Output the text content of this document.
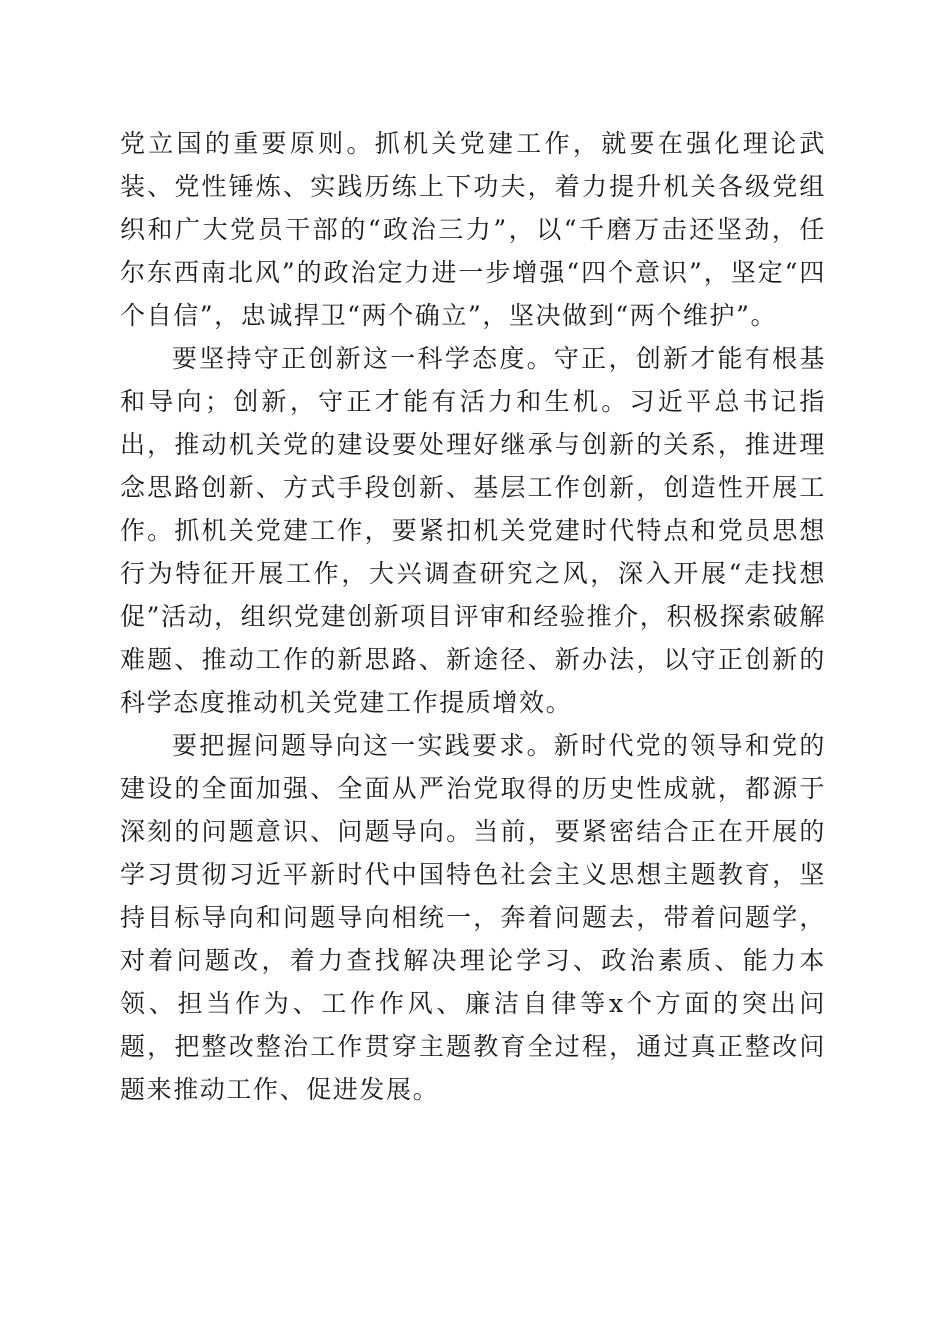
党立国的重要原则。抓机关党建工作，就要在强化理论武装、党性锤炼、实践历练上下功夫，着力提升机关各级党组织和广大党员干部的“政治三力”，以“千磨万击还坚劲，任尔东西南北风”的政治定力进一步增强“四个意识”，坚定“四个自信”，忠诚捍卫“两个确立”，坚决做到“两个维护”。

要坚持守正创新这一科学态度。守正，创新才能有根基和导向；创新，守正才能有活力和生机。习近平总书记指出，推动机关党的建设要处理好继承与创新的关系，推进理念思路创新、方式手段创新、基层工作创新，创造性开展工作。抓机关党建工作，要紧扣机关党建时代特点和党员思想行为特征开展工作，大兴调查研究之风，深入开展“走找想促”活动，组织党建创新项目评审和经验推介，积极探索破解难题、推动工作的新思路、新途径、新办法，以守正创新的科学态度推动机关党建工作提质增效。

要把握问题导向这一实践要求。新时代党的领导和党的建设的全面加强、全面从严治党取得的历史性成就，都源于深刻的问题意识、问题导向。当前，要紧密结合正在开展的学习贯彻习近平新时代中国特色社会主义思想主题教育，坚持目标导向和问题导向相统一，奔着问题去，带着问题学，对着问题改，着力查找解决理论学习、政治素质、能力本领、担当作为、工作作风、廉洁自律等x个方面的突出问题，把整改整治工作贯穿主题教育全过程，通过真正整改问题来推动工作、促进发展。
